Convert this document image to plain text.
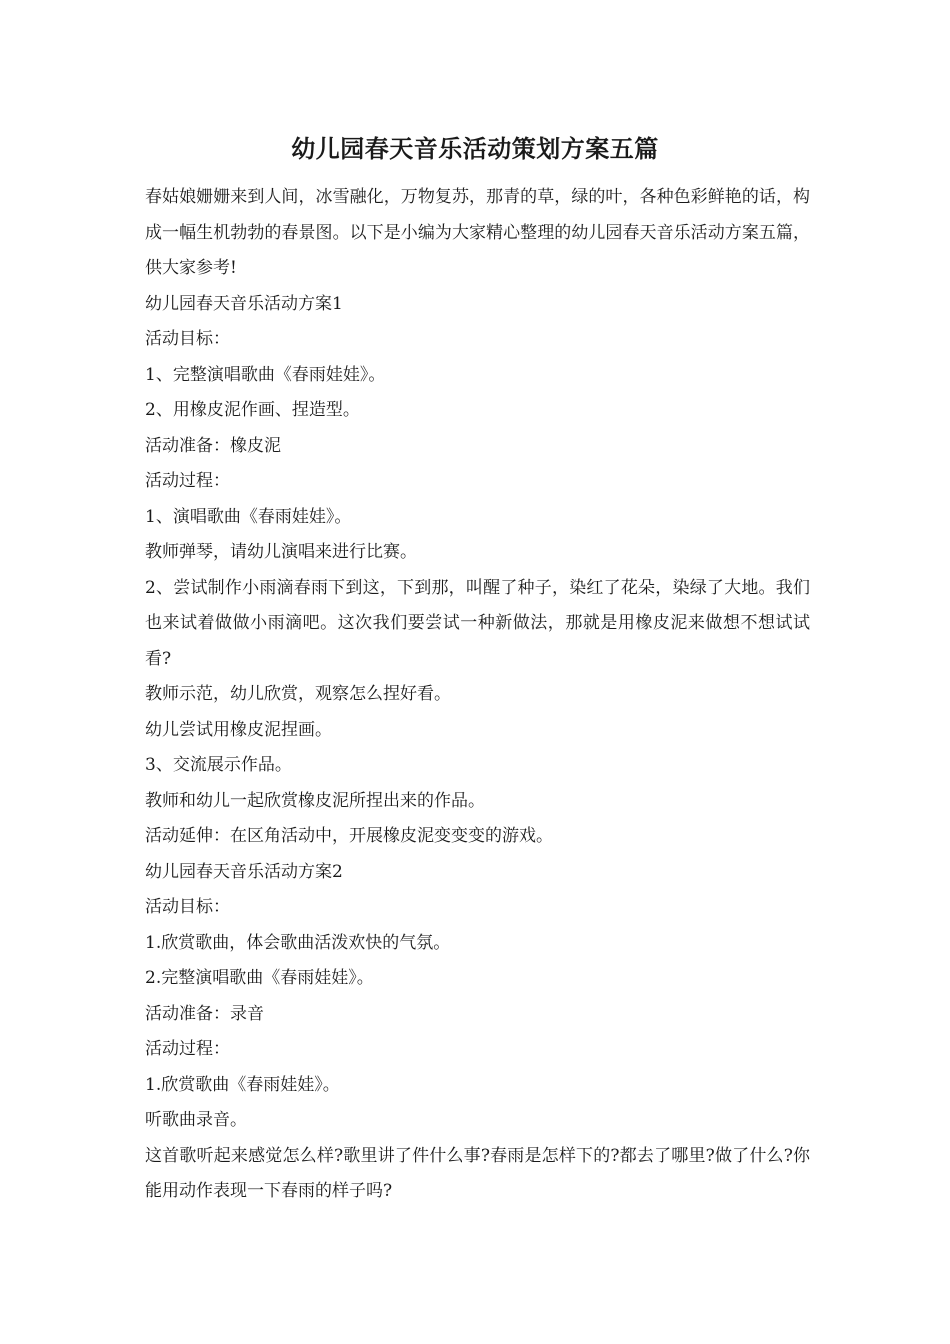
幼儿园春天音乐活动策划方案五篇

春姑娘姗姗来到人间，冰雪融化，万物复苏，那青的草，绿的叶，各种色彩鲜艳的话，构成一幅生机勃勃的春景图。以下是小编为大家精心整理的幼儿园春天音乐活动方案五篇，供大家参考!

幼儿园春天音乐活动方案1

活动目标：

1、完整演唱歌曲《春雨娃娃》。

2、用橡皮泥作画、捏造型。

活动准备：橡皮泥

活动过程：

1、演唱歌曲《春雨娃娃》。

教师弹琴，请幼儿演唱来进行比赛。

2、尝试制作小雨滴春雨下到这，下到那，叫醒了种子，染红了花朵，染绿了大地。我们也来试着做做小雨滴吧。这次我们要尝试一种新做法，那就是用橡皮泥来做想不想试试看?

教师示范，幼儿欣赏，观察怎么捏好看。

幼儿尝试用橡皮泥捏画。

3、交流展示作品。

教师和幼儿一起欣赏橡皮泥所捏出来的作品。

活动延伸：在区角活动中，开展橡皮泥变变变的游戏。

幼儿园春天音乐活动方案2

活动目标：

1.欣赏歌曲，体会歌曲活泼欢快的气氛。

2.完整演唱歌曲《春雨娃娃》。

活动准备：录音

活动过程：

1.欣赏歌曲《春雨娃娃》。

听歌曲录音。

这首歌听起来感觉怎么样?歌里讲了件什么事?春雨是怎样下的?都去了哪里?做了什么?你能用动作表现一下春雨的样子吗?
